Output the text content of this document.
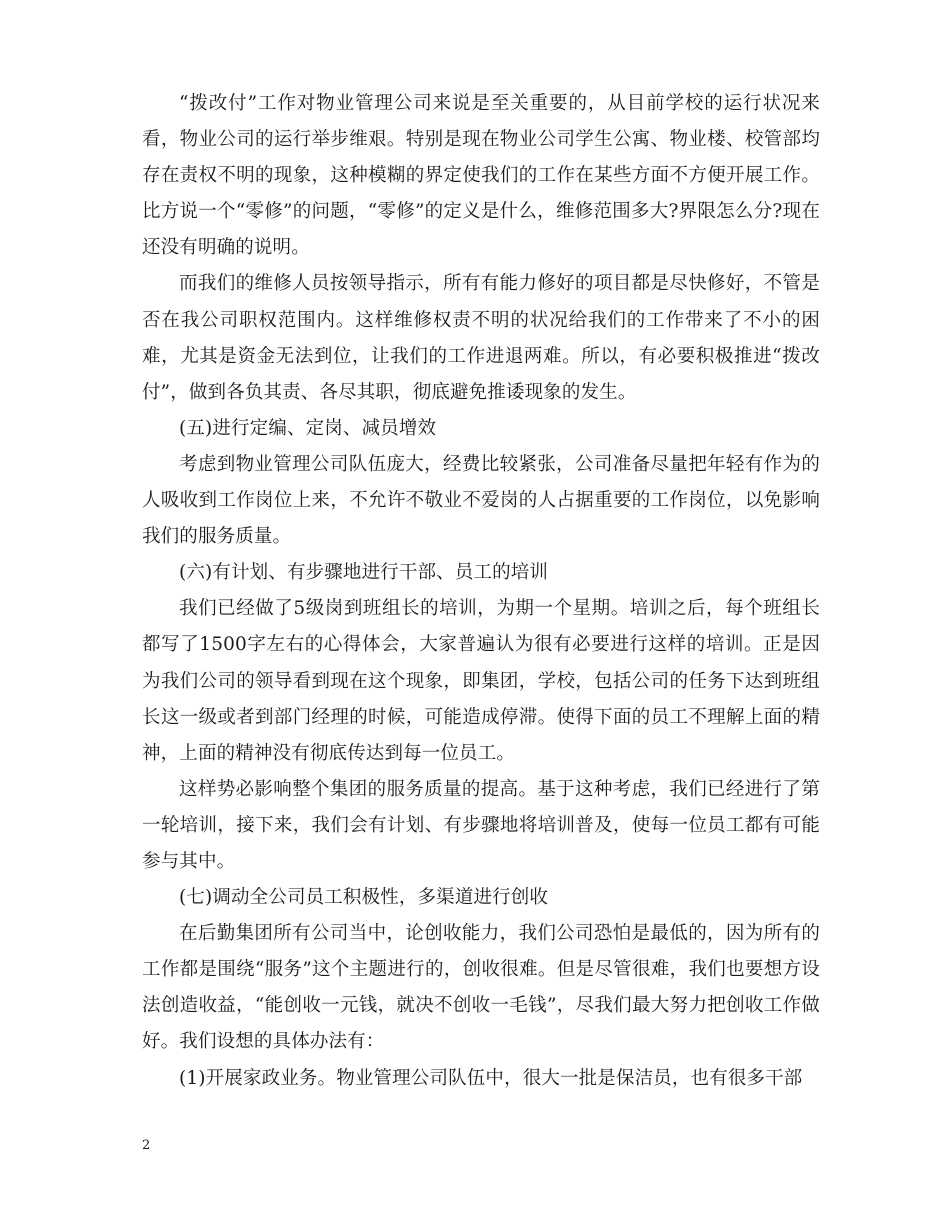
“拨改付”工作对物业管理公司来说是至关重要的，从目前学校的运行状况来看，物业公司的运行举步维艰。特别是现在物业公司学生公寓、物业楼、校管部均存在责权不明的现象，这种模糊的界定使我们的工作在某些方面不方便开展工作。比方说一个“零修”的问题，“零修”的定义是什么，维修范围多大?界限怎么分?现在还没有明确的说明。

而我们的维修人员按领导指示，所有有能力修好的项目都是尽快修好，不管是否在我公司职权范围内。这样维修权责不明的状况给我们的工作带来了不小的困难，尤其是资金无法到位，让我们的工作进退两难。所以，有必要积极推进“拨改付”，做到各负其责、各尽其职，彻底避免推诿现象的发生。

(五)进行定编、定岗、减员增效

考虑到物业管理公司队伍庞大，经费比较紧张，公司准备尽量把年轻有作为的人吸收到工作岗位上来，不允许不敬业不爱岗的人占据重要的工作岗位，以免影响我们的服务质量。

(六)有计划、有步骤地进行干部、员工的培训

我们已经做了5级岗到班组长的培训，为期一个星期。培训之后，每个班组长都写了1500字左右的心得体会，大家普遍认为很有必要进行这样的培训。正是因为我们公司的领导看到现在这个现象，即集团，学校，包括公司的任务下达到班组长这一级或者到部门经理的时候，可能造成停滞。使得下面的员工不理解上面的精神，上面的精神没有彻底传达到每一位员工。

这样势必影响整个集团的服务质量的提高。基于这种考虑，我们已经进行了第一轮培训，接下来，我们会有计划、有步骤地将培训普及，使每一位员工都有可能参与其中。

(七)调动全公司员工积极性，多渠道进行创收

在后勤集团所有公司当中，论创收能力，我们公司恐怕是最低的，因为所有的工作都是围绕“服务”这个主题进行的，创收很难。但是尽管很难，我们也要想方设法创造收益，“能创收一元钱，就决不创收一毛钱”，尽我们最大努力把创收工作做好。我们设想的具体办法有：

(1)开展家政业务。物业管理公司队伍中，很大一批是保洁员，也有很多干部

2
